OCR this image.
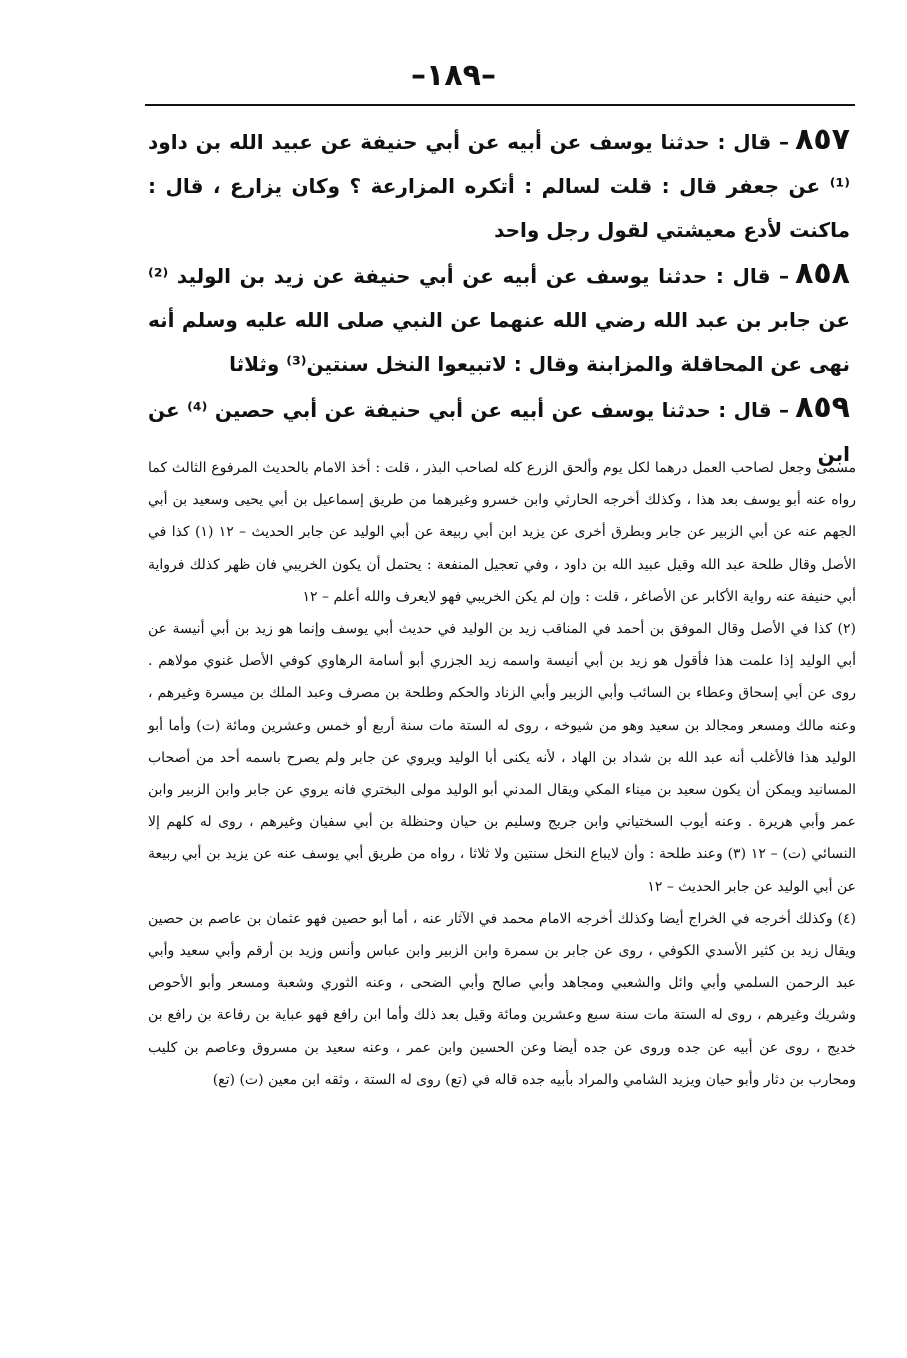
–١٨٩–

٨٥٧– قال : حدثنا يوسف عن أبيه عن أبي حنيفة عن عبيد الله بن داود ⁽¹⁾ عن جعفر قال : قلت لسالم : أتكره المزارعة ؟ وكان يزارع ، قال : ماكنت لأدع معيشتي لقول رجل واحد

٨٥٨– قال : حدثنا يوسف عن أبيه عن أبي حنيفة عن زيد بن الوليد ⁽²⁾ عن جابر بن عبد الله رضي الله عنهما عن النبي صلى الله عليه وسلم أنه نهى عن المحاقلة والمزابنة وقال : لاتبيعوا النخل سنتين⁽³⁾ وثلاثا

٨٥٩– قال : حدثنا يوسف عن أبيه عن أبي حنيفة عن أبي حصين ⁽⁴⁾ عن ابن

مسمى وجعل لصاحب العمل درهما لكل يوم وألحق الزرع كله لصاحب البذر ، قلت : أخذ الامام بالحديث المرفوع الثالث كما رواه عنه أبو يوسف بعد هذا ، وكذلك أخرجه الحارثي وابن خسرو وغيرهما من طريق إسماعيل بن أبي يحيى وسعيد بن أبي الجهم عنه عن أبي الزبير عن جابر وبطرق أخرى عن يزيد ابن أبي ربيعة عن أبي الوليد عن جابر الحديث – ١٢ (١) كذا في الأصل وقال طلحة عبد الله وقيل عبيد الله بن داود ، وفي تعجيل المنفعة : يحتمل أن يكون الخريبي فان ظهر كذلك فرواية أبي حنيفة عنه رواية الأكابر عن الأصاغر ، قلت : وإن لم يكن الخريبي فهو لايعرف والله أعلم – ١٢

(٢) كذا في الأصل وقال الموفق بن أحمد في المناقب زيد بن الوليد في حديث أبي يوسف وإنما هو زيد بن أبي أنيسة عن أبي الوليد إذا علمت هذا فأقول هو زيد بن أبي أنيسة واسمه زيد الجزري أبو أسامة الرهاوي كوفي الأصل غنوي مولاهم . روى عن أبي إسحاق وعطاء بن السائب وأبي الزبير وأبي الزناد والحكم وطلحة بن مصرف وعبد الملك بن ميسرة وغيرهم ، وعنه مالك ومسعر ومجالد بن سعيد وهو من شيوخه ، روى له الستة مات سنة أربع أو خمس وعشرين ومائة (ت) وأما أبو الوليد هذا فالأغلب أنه عبد الله بن شداد بن الهاد ، لأنه يكنى أبا الوليد ويروي عن جابر ولم يصرح باسمه أحد من أصحاب المسانيد ويمكن أن يكون سعيد بن ميناء المكي ويقال المدني أبو الوليد مولى البختري فانه يروي عن جابر وابن الزبير وابن عمر وأبي هريرة . وعنه أيوب السختياني وابن جريج وسليم بن حيان وحنظلة بن أبي سفيان وغيرهم ، روى له كلهم إلا النسائي (ت) – ١٢ (٣) وعند طلحة : وأن لايباع النخل سنتين ولا ثلاثا ، رواه من طريق أبي يوسف عنه عن يزيد بن أبي ربيعة عن أبي الوليد عن جابر الحديث – ١٢

(٤) وكذلك أخرجه في الخراج أيضا وكذلك أخرجه الامام محمد في الآثار عنه ، أما أبو حصين فهو عثمان بن عاصم بن حصين ويقال زيد بن كثير الأسدي الكوفي ، روى عن جابر بن سمرة وابن الزبير وابن عباس وأنس وزيد بن أرقم وأبي سعيد وأبي عبد الرحمن السلمي وأبي وائل والشعبي ومجاهد وأبي صالح وأبي الضحى ، وعنه الثوري وشعبة ومسعر وأبو الأحوص وشريك وغيرهم ، روى له الستة مات سنة سبع وعشرين ومائة وقيل بعد ذلك وأما ابن رافع فهو عباية بن رفاعة بن رافع بن خديج ، روى عن أبيه عن جده وروى عن جده أيضا وعن الحسين وابن عمر ، وعنه سعيد بن مسروق وعاصم بن كليب ومحارب بن دثار وأبو حيان ويزيد الشامي والمراد بأبيه جده قاله في (تع) روى له الستة ، وثقه ابن معين (ت) (تع)
